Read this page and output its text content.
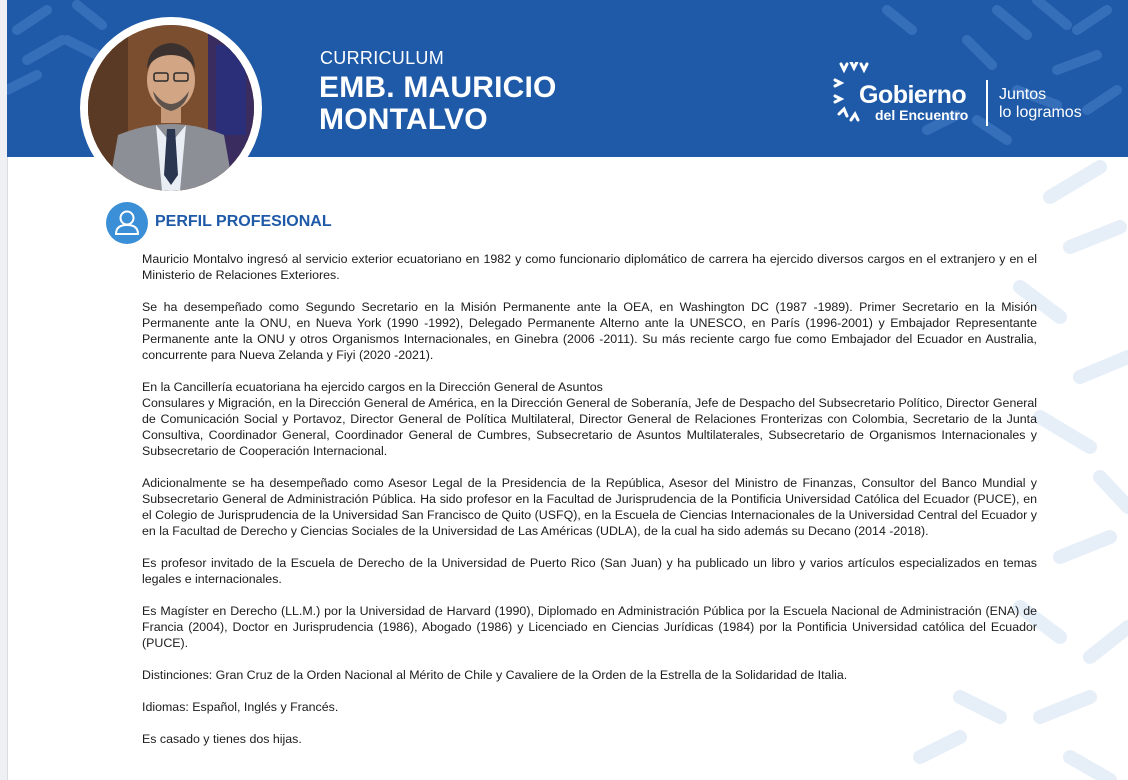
CURRICULUM
EMB. MAURICIO
MONTALVO
Gobierno
del Encuentro
Juntos
lo logramos
PERFIL PROFESIONAL

Mauricio Montalvo ingresó al servicio exterior ecuatoriano en 1982 y como funcionario diplomático de carrera ha ejercido diversos cargos en el extranjero y en el Ministerio de Relaciones Exteriores.

Se ha desempeñado como Segundo Secretario en la Misión Permanente ante la OEA, en Washington DC (1987 -1989). Primer Secretario en la Misión Permanente ante la ONU, en Nueva York (1990 -1992), Delegado Permanente Alterno ante la UNESCO, en París (1996-2001) y Embajador Representante Permanente ante la ONU y otros Organismos Internacionales, en Ginebra (2006 -2011). Su más reciente cargo fue como Embajador del Ecuador en Australia, concurrente para Nueva Zelanda y Fiyi (2020 -2021).

En la Cancillería ecuatoriana ha ejercido cargos en la Dirección General de Asuntos

Consulares y Migración, en la Dirección General de América, en la Dirección General de Soberanía, Jefe de Despacho del Subsecretario Político, Director General de Comunicación Social y Portavoz, Director General de Política Multilateral, Director General de Relaciones Fronterizas con Colombia, Secretario de la Junta Consultiva, Coordinador General, Coordinador General de Cumbres, Subsecretario de Asuntos Multilaterales, Subsecretario de Organismos Internacionales y Subsecretario de Cooperación Internacional.

Adicionalmente se ha desempeñado como Asesor Legal de la Presidencia de la República, Asesor del Ministro de Finanzas, Consultor del Banco Mundial y Subsecretario General de Administración Pública. Ha sido profesor en la Facultad de Jurisprudencia de la Pontificia Universidad Católica del Ecuador (PUCE), en el Colegio de Jurisprudencia de la Universidad San Francisco de Quito (USFQ), en la Escuela de Ciencias Internacionales de la Universidad Central del Ecuador y en la Facultad de Derecho y Ciencias Sociales de la Universidad de Las Américas (UDLA), de la cual ha sido además su Decano (2014 -2018).

Es profesor invitado de la Escuela de Derecho de la Universidad de Puerto Rico (San Juan) y ha publicado un libro y varios artículos especializados en temas legales e internacionales.

Es Magíster en Derecho (LL.M.) por la Universidad de Harvard (1990), Diplomado en Administración Pública por la Escuela Nacional de Administración (ENA) de Francia (2004), Doctor en Jurisprudencia (1986), Abogado (1986) y Licenciado en Ciencias Jurídicas (1984) por la Pontificia Universidad católica del Ecuador (PUCE).

Distinciones: Gran Cruz de la Orden Nacional al Mérito de Chile y Cavaliere de la Orden de la Estrella de la Solidaridad de Italia.

Idiomas: Español, Inglés y Francés.

Es casado y tienes dos hijas.
